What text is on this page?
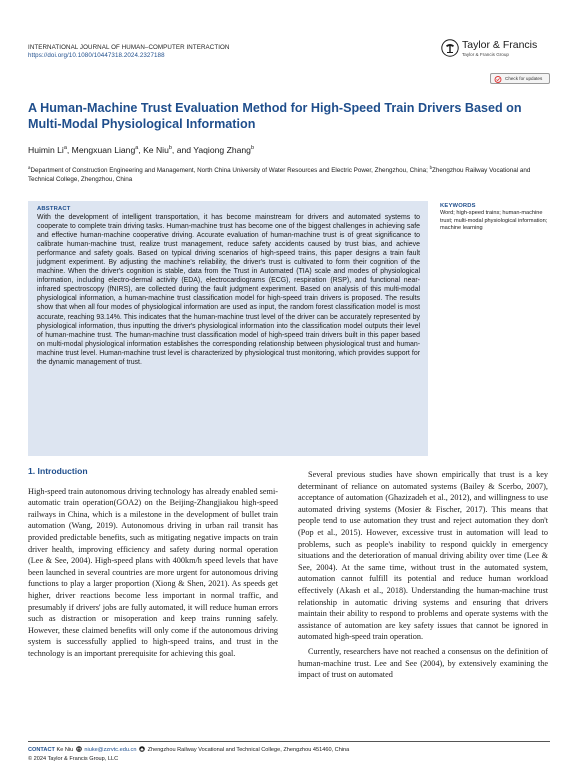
INTERNATIONAL JOURNAL OF HUMAN–COMPUTER INTERACTION
https://doi.org/10.1080/10447318.2024.2327188
Taylor & Francis
Taylor & Francis Group
Check for updates
A Human-Machine Trust Evaluation Method for High-Speed Train Drivers Based on Multi-Modal Physiological Information
Huimin Li$^a$, Mengxuan Liang$^a$, Ke Niu$^b$, and Yaqiong Zhang$^b$
$^a$Department of Construction Engineering and Management, North China University of Water Resources and Electric Power, Zhengzhou, China; $^b$Zhengzhou Railway Vocational and Technical College, Zhengzhou, China
ABSTRACT

With the development of intelligent transportation, it has become mainstream for drivers and automated systems to cooperate to complete train driving tasks. Human-machine trust has become one of the biggest challenges in achieving safe and effective human-machine cooperative driving. Accurate evaluation of human-machine trust is of great significance to calibrate human-machine trust, realize trust management, reduce safety accidents caused by trust bias, and achieve performance and safety goals. Based on typical driving scenarios of high-speed trains, this paper designs a train fault judgment experiment. By adjusting the machine's reliability, the driver's trust is cultivated to form their cognition of the machine. When the driver's cognition is stable, data from the Trust in Automated (TIA) scale and modes of physiological information, including electro-dermal activity (EDA), electrocardiograms (ECG), respiration (RSP), and functional near-infrared spectroscopy (fNIRS), are collected during the fault judgment experiment. Based on analysis of this multi-modal physiological information, a human-machine trust classification model for high-speed train drivers is proposed. The results show that when all four modes of physiological information are used as input, the random forest classification model is most accurate, reaching 93.14%. This indicates that the human-machine trust level of the driver can be accurately represented by physiological information, thus inputting the driver's physiological information into the classification model outputs their level of human-machine trust. The human-machine trust classification model of high-speed train drivers built in this paper based on multi-modal physiological information establishes the corresponding relationship between physiological trust and human-machine trust level. Human-machine trust level is characterized by physiological trust monitoring, which provides support for the dynamic management of trust.

KEYWORDS

Word; high-speed trains; human-machine trust; multi-modal physiological information; machine learning

1. Introduction

High-speed train autonomous driving technology has already enabled semi-automatic train operation(GOA2) on the Beijing-Zhangjiakou high-speed railways in China, which is a milestone in the development of bullet train automation (Wang, 2019). Autonomous driving in urban rail transit has provided predictable benefits, such as mitigating negative impacts on train driver health, improving efficiency and safety during normal operation (Lee & See, 2004). High-speed plans with 400km/h speed levels that have been launched in several countries are more urgent for autonomous driving functions to play a larger proportion (Xiong & Shen, 2021). As speeds get higher, driver reactions become less important in normal traffic, and presumably if drivers' jobs are fully automated, it will reduce human errors such as distraction or misoperation and keep trains running safely. However, these claimed benefits will only come if the autonomous driving system is successfully applied to high-speed trains, and trust in the technology is an important prerequisite for achieving this goal.

Several previous studies have shown empirically that trust is a key determinant of reliance on automated systems (Bailey & Scerbo, 2007), acceptance of automation (Ghazizadeh et al., 2012), and willingness to use automated driving systems (Mosier & Fischer, 2017). This means that people tend to use automation they trust and reject automation they don't (Pop et al., 2015). However, excessive trust in automation will lead to problems, such as people's inability to respond quickly in emergency situations and the deterioration of manual driving ability over time (Lee & See, 2004). At the same time, without trust in the automated system, automation cannot fulfill its potential and reduce human workload effectively (Akash et al., 2018). Understanding the human-machine trust relationship in automatic driving systems and ensuring that drivers maintain their ability to respond to problems and operate systems with the assistance of automation are key safety issues that cannot be ignored in automated high-speed train operation.

Currently, researchers have not reached a consensus on the definition of human-machine trust. Lee and See (2004), by extensively examining the impact of trust on automated

CONTACT Ke Niu niuke@zzrvtc.edu.cn Zhengzhou Railway Vocational and Technical College, Zhengzhou 451460, China
© 2024 Taylor & Francis Group, LLC
